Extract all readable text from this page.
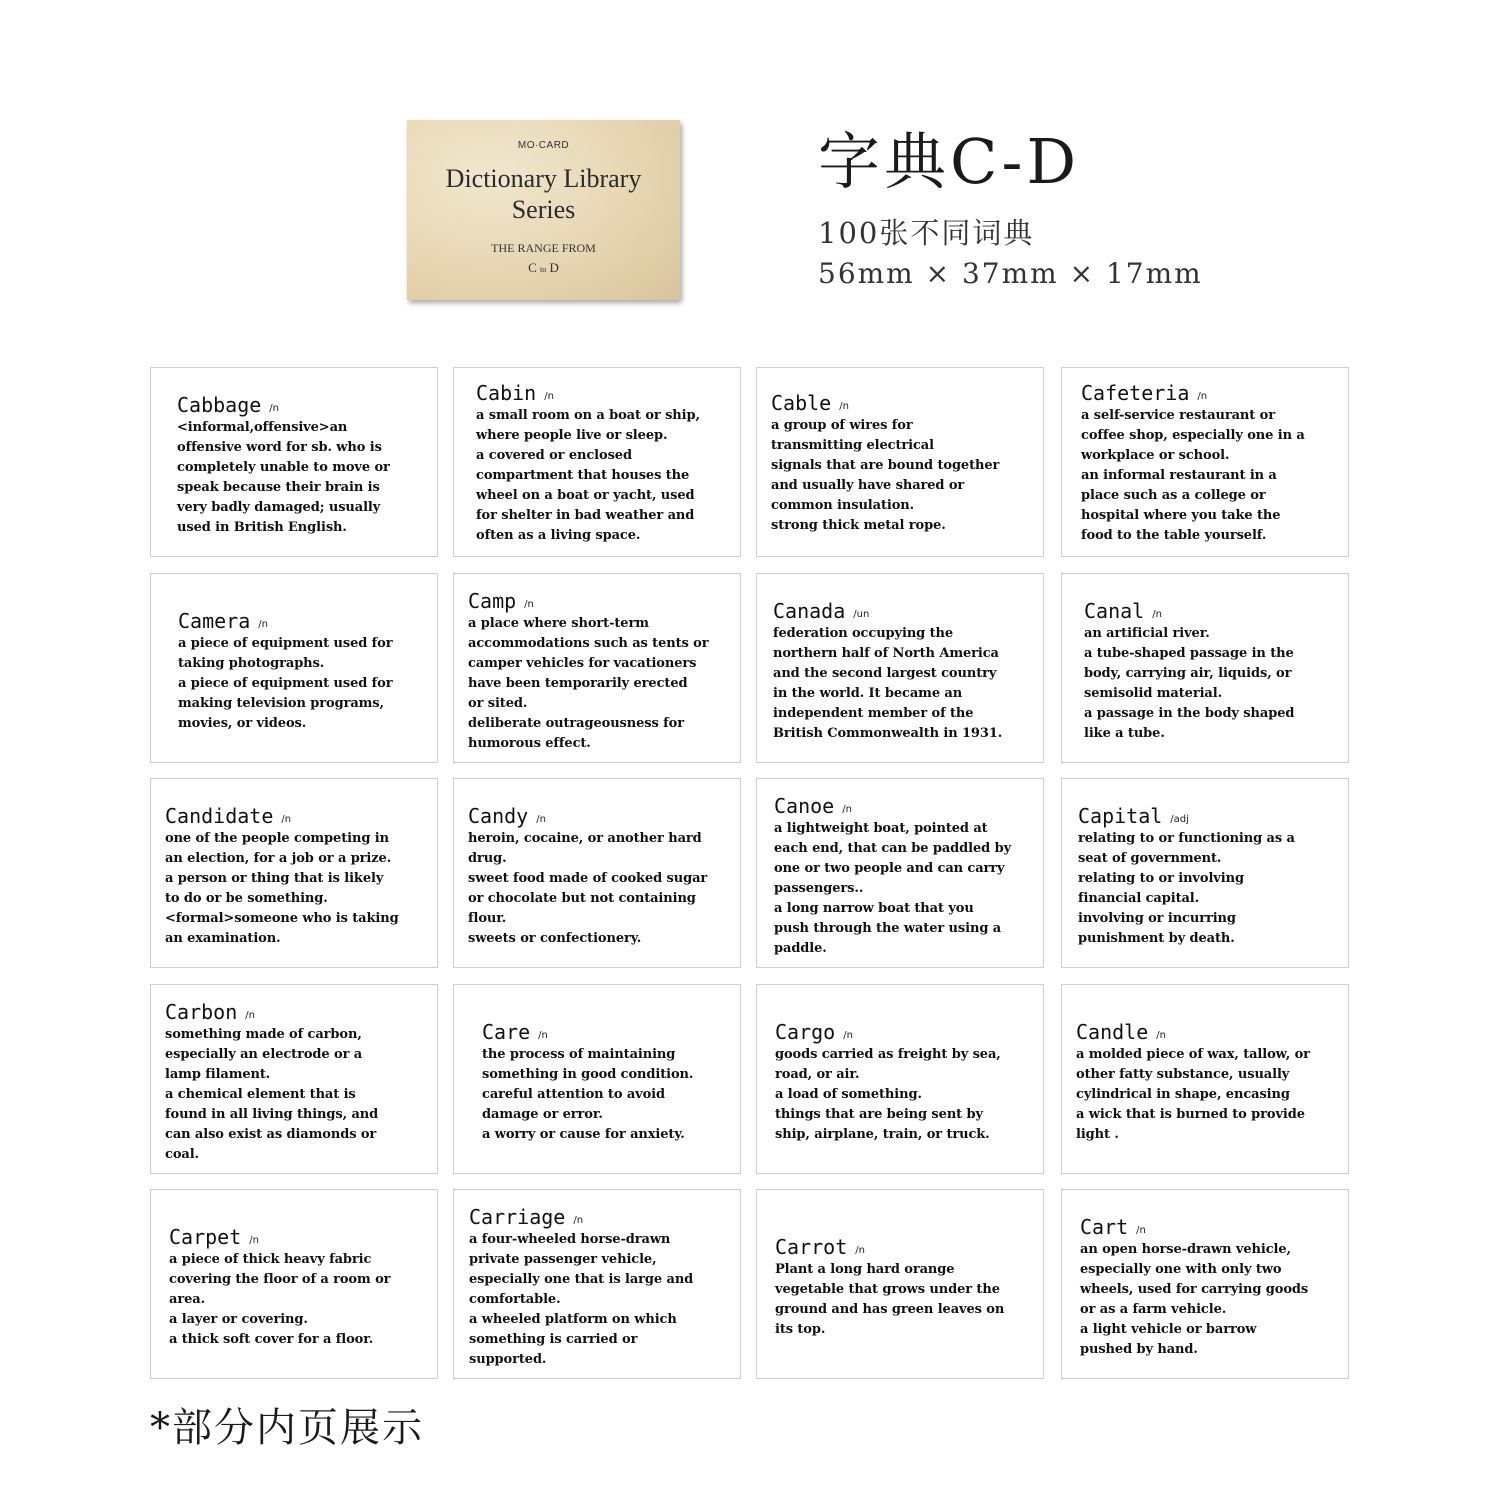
MO·CARD
Dictionary Library
Series
THE RANGE FROM
C to D
字典C-D
100张不同词典
56mm × 37mm × 17mm
Cabbage /n
<informal,offensive>an
offensive word for sb. who is
completely unable to move or
speak because their brain is
very badly damaged; usually
used in British English.
Cabin /n
a small room on a boat or ship,
where people live or sleep.
a covered or enclosed
compartment that houses the
wheel on a boat or yacht, used
for shelter in bad weather and
often as a living space.
Cable /n
a group of wires for
transmitting electrical
signals that are bound together
and usually have shared or
common insulation.
strong thick metal rope.
Cafeteria /n
a self-service restaurant or
coffee shop, especially one in a
workplace or school.
an informal restaurant in a
place such as a college or
hospital where you take the
food to the table yourself.
Camera /n
a piece of equipment used for
taking photographs.
a piece of equipment used for
making television programs,
movies, or videos.
Camp /n
a place where short-term
accommodations such as tents or
camper vehicles for vacationers
have been temporarily erected
or sited.
deliberate outrageousness for
humorous effect.
Canada /un
federation occupying the
northern half of North America
and the second largest country
in the world. It became an
independent member of the
British Commonwealth in 1931.
Canal /n
an artificial river.
a tube-shaped passage in the
body, carrying air, liquids, or
semisolid material.
a passage in the body shaped
like a tube.
Candidate /n
one of the people competing in
an election, for a job or a prize.
a person or thing that is likely
to do or be something.
<formal>someone who is taking
an examination.
Candy /n
heroin, cocaine, or another hard
drug.
sweet food made of cooked sugar
or chocolate but not containing
flour.
sweets or confectionery.
Canoe /n
a lightweight boat, pointed at
each end, that can be paddled by
one or two people and can carry
passengers..
a long narrow boat that you
push through the water using a
paddle.
Capital /adj
relating to or functioning as a
seat of government.
relating to or involving
financial capital.
involving or incurring
punishment by death.
Carbon /n
something made of carbon,
especially an electrode or a
lamp filament.
a chemical element that is
found in all living things, and
can also exist as diamonds or
coal.
Care /n
the process of maintaining
something in good condition.
careful attention to avoid
damage or error.
a worry or cause for anxiety.
Cargo /n
goods carried as freight by sea,
road, or air.
a load of something.
things that are being sent by
ship, airplane, train, or truck.
Candle /n
a molded piece of wax, tallow, or
other fatty substance, usually
cylindrical in shape, encasing
a wick that is burned to provide
light .
Carpet /n
a piece of thick heavy fabric
covering the floor of a room or
area.
a layer or covering.
a thick soft cover for a floor.
Carriage /n
a four-wheeled horse-drawn
private passenger vehicle,
especially one that is large and
comfortable.
a wheeled platform on which
something is carried or
supported.
Carrot /n
Plant a long hard orange
vegetable that grows under the
ground and has green leaves on
its top.
Cart /n
an open horse-drawn vehicle,
especially one with only two
wheels, used for carrying goods
or as a farm vehicle.
a light vehicle or barrow
pushed by hand.
*部分内页展示
